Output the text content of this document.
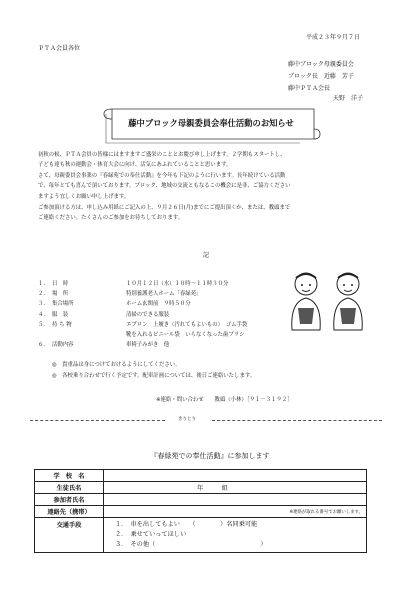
平成２３年９月７日
ＰＴＡ会員各位
藤中ブロック母親委員会
ブロック長　近藤　芳子
藤中ＰＴＡ会長
天野　洋子
藤中ブロック母親委員会奉仕活動のお知らせ
初秋の候、ＰＴＡ会員の皆様にはますますご盛栄のこととお慶び申し上げます。２学期もスタートし、
子ども達も秋の運動会・体育大会に向け、活気にあふれていることと思います。
さて、母親委員会事業の『春緑苑での奉仕活動』を今年も下記のように行います。長年続けている活動
で、毎年とても喜んで頂いております。ブロック、地域の交流ともなるこの機会に是非、ご協力ください
ますよう宜しくお願い申し上げます。
ご参加頂ける方は、申し込み用紙にご記入の上、９月２６日(月)までにご提出頂くか、または、教頭まで
ご連絡ください。たくさんのご参加をお待ちしております。
記
１． 日　時	１０月１２日（水）１０時～１１時３０分
２． 場　所	特別養護老人ホーム「春緑苑」
３． 集合場所	ホーム玄関前　９時５０分
４． 服　装	清掃のできる服装
５． 持 ち 物	エプロン　上履き（汚れてもよいもの）　ゴム手袋
靴を入れるビニール袋　いらなくなった歯ブラシ
６． 活動内容	車椅子みがき　他
◎　貴重品は身につけておけるようにしてください。
◎　各校乗り合わせで行く予定です。配車計画については、後日ご連絡いたします。
※連絡・問い合わせ　　教頭（小林）［９１－３１９２］
きりとり
『春緑苑での奉仕活動』に参加します
学　校　名	
生徒氏名	年　　　組
参加者氏名	
連絡先（携帯）	※連絡が取れる番号でお願いします。
交通手段	１．　車を出してもよい　　（　　　　）名同乗可能
２．　乗せていってほしい
３．　その他（　　　　　　　　　　　　　　　　　）
